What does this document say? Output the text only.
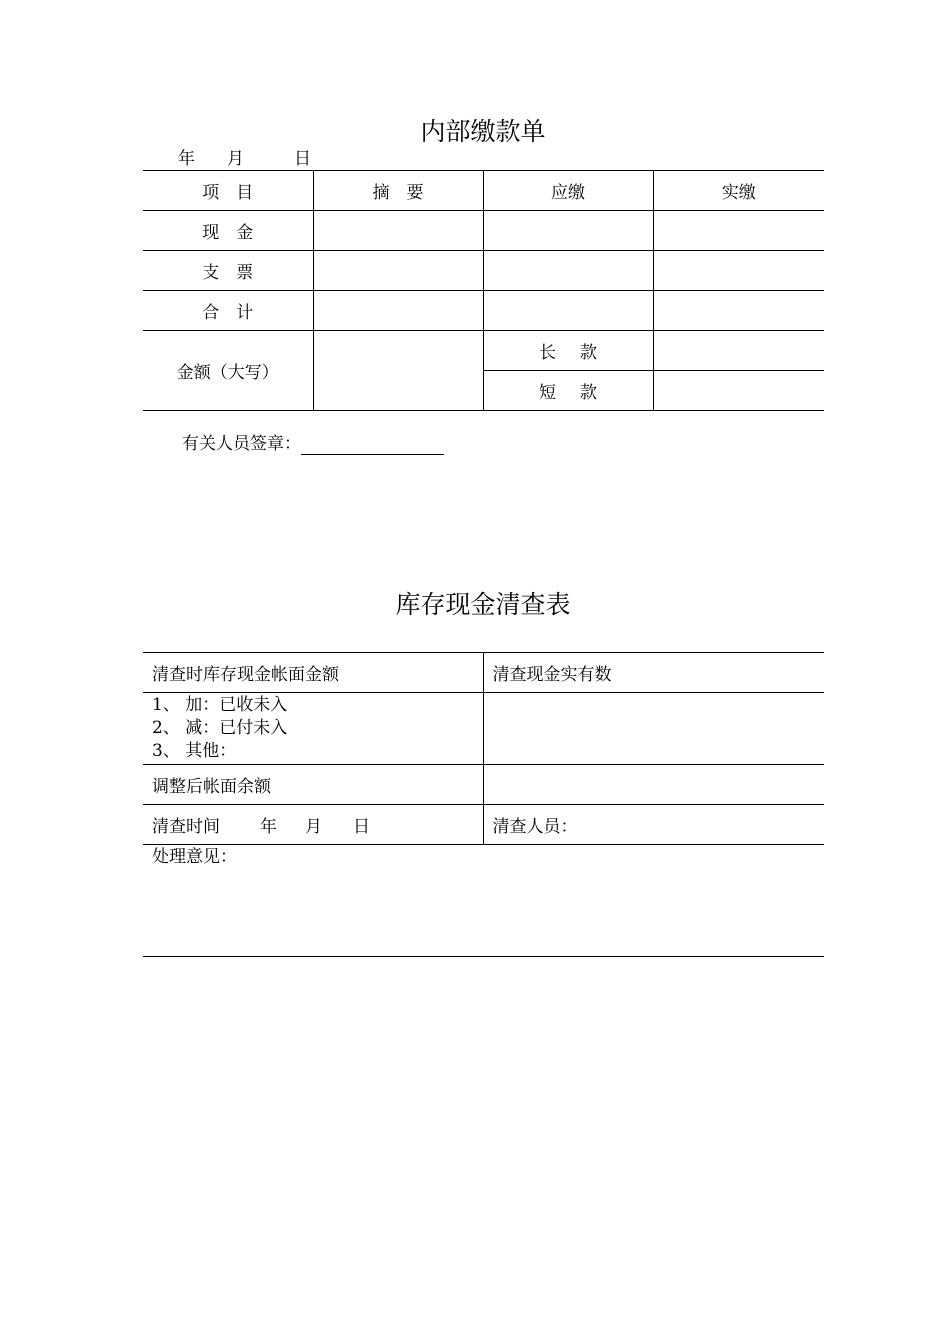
内部缴款单
年 月	日
项目	摘要	应缴	实缴
现金			
支票			
合计			
金额（大写）		长款	
		短款	
有关人员签章：
库存现金清查表
清查时库存现金帐面金额	清查现金实有数

1、 加：已收未入
2、 减：已付未入
3、 其他：	

调整后帐面余额	
清查时间 年 月 日	清查人员：
处理意见：	
